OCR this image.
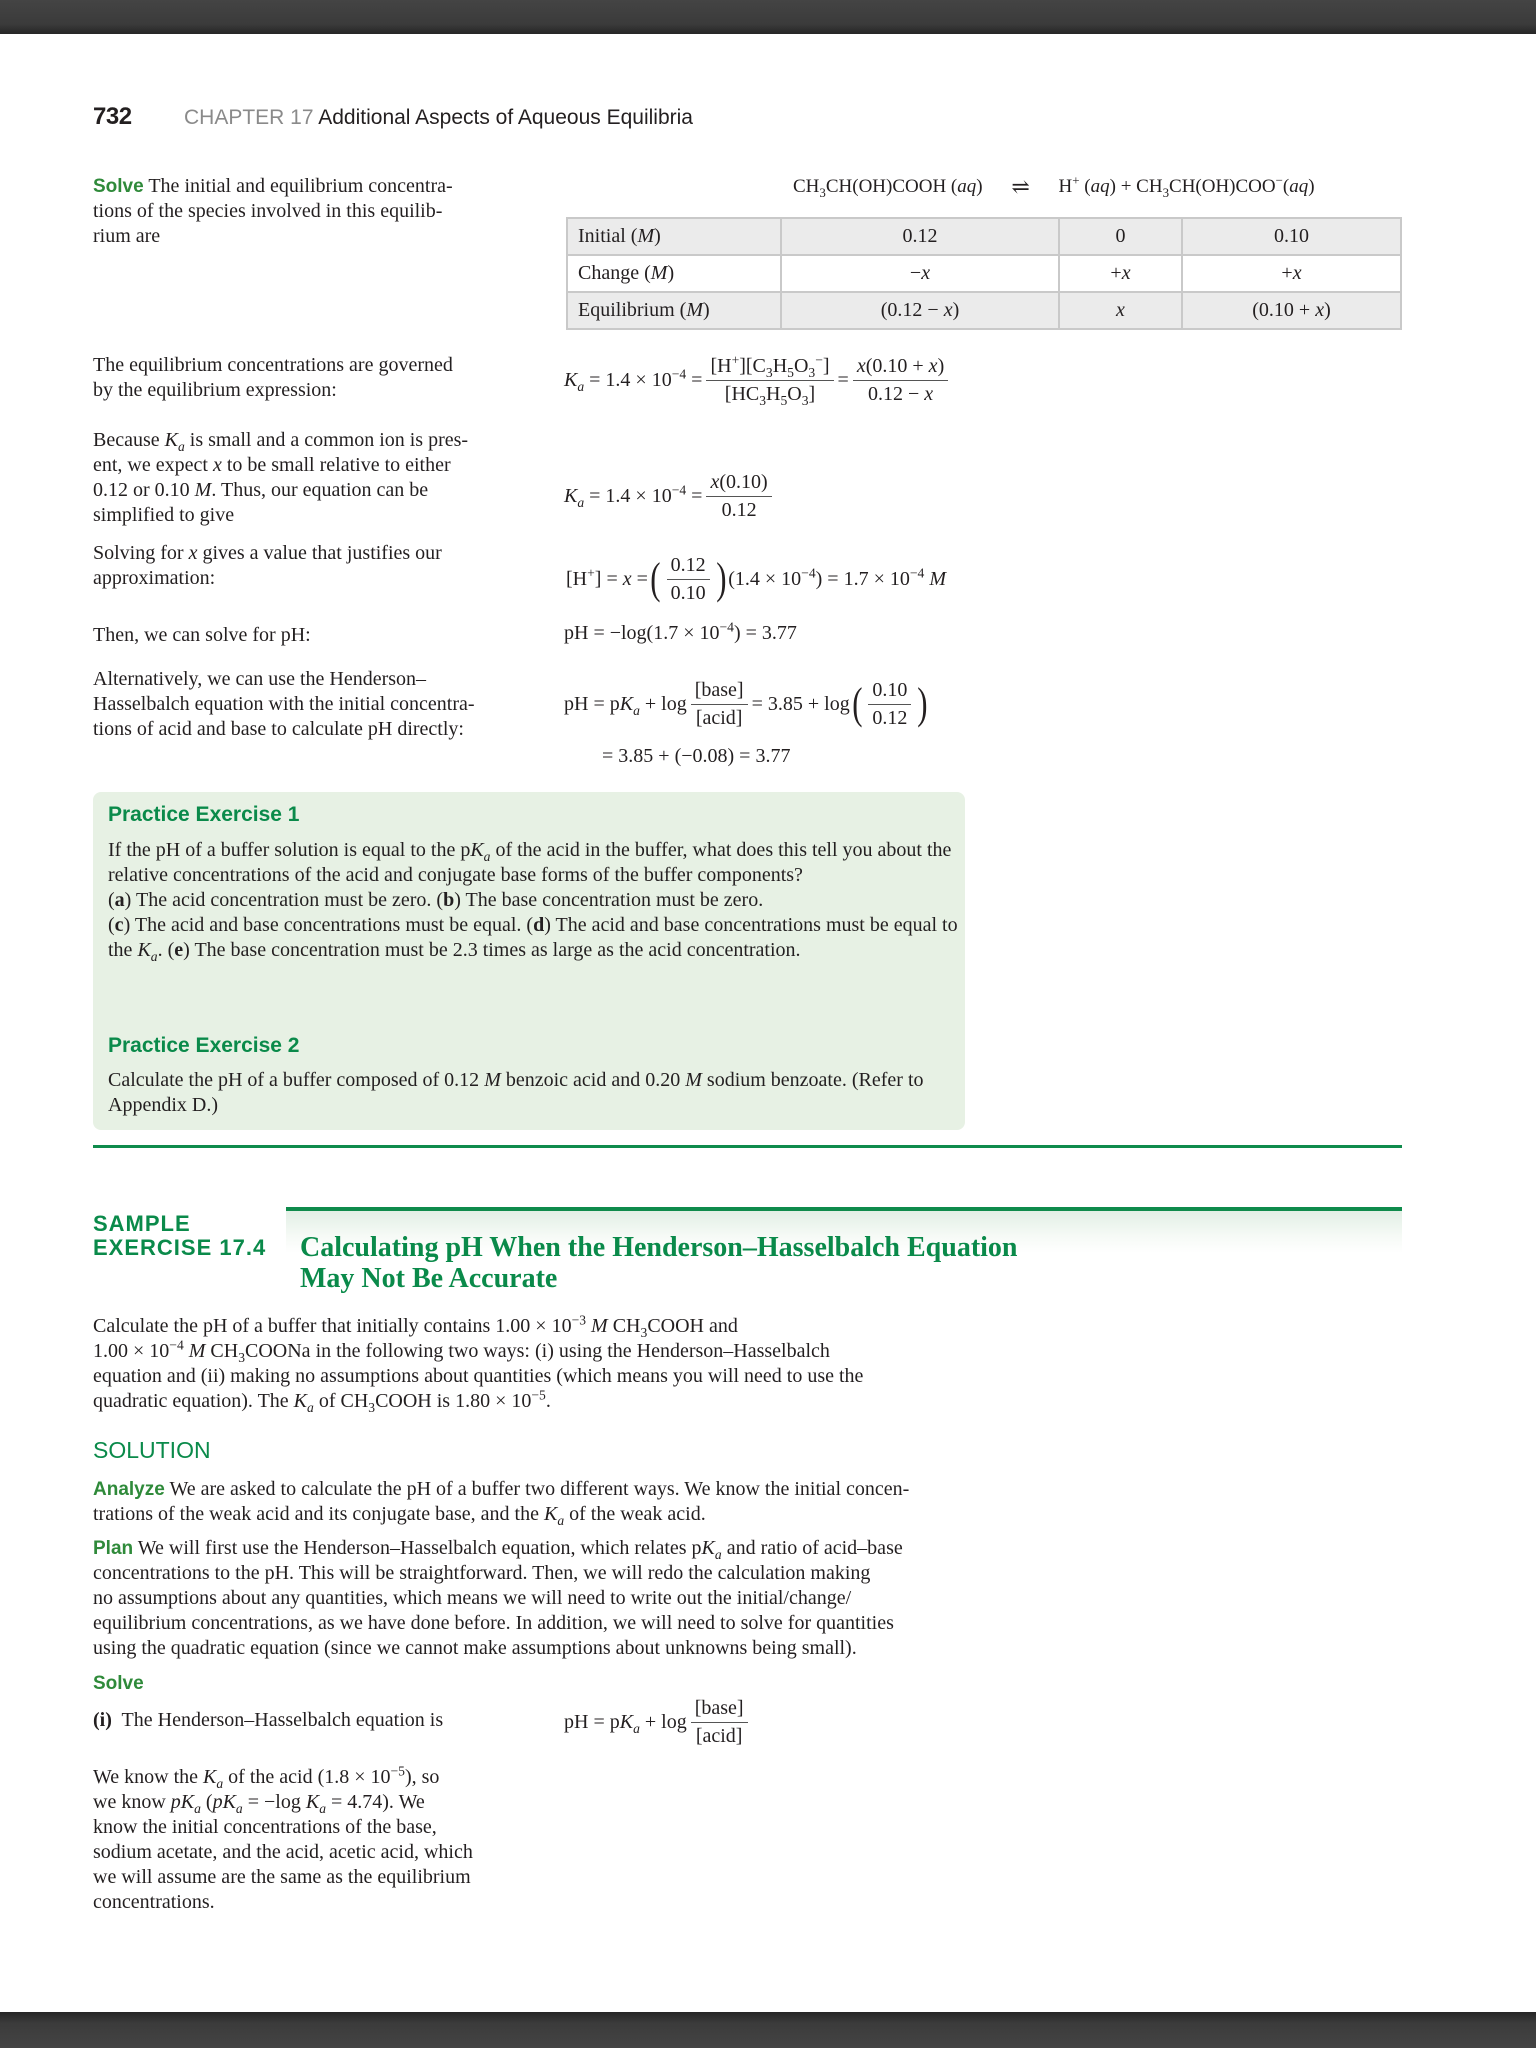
732 CHAPTER 17 Additional Aspects of Aqueous Equilibria
Solve The initial and equilibrium concentra-
tions of the species involved in this equilib-
rium are
$CH_3CH(OH)COOH$ (aq) ⇌ H+ $(aq) + CH_3CH(OH)COO^-(aq)$
Initial (M)	0.12	0	0.10
Change (M)	−x	+x	+x
Equilibrium (M)	(0.12 − x)	x	(0.10 + x)
The equilibrium concentrations are governed
by the equilibrium expression:	$K_a = 1.4 \times 10^{-4} = \frac{[H^+][C_3H_5O_3^-]}{[HC_3H_5O_3]} = \frac{x(0.10 + x)}{0.12 - x}$
Because $K_a$ is small and a common ion is pres-
ent, we expect x to be small relative to either
0.12 or 0.10 M. Thus, our equation can be
simplified to give
$K_a = 1.4 \times 10^{-4} = \frac{x(0.10)}{0.12}$
Solving for x gives a value that justifies our
approximation:	[H+] = x = ( $\frac{0.12}{0.10}$ ) $(1.4 \times 10^{-4}) = 1.7 \times 10^{-4}$ M
Then, we can solve for pH:	pH = $-\log(1.7 \times 10^{-4}) = 3.77$
Alternatively, we can use the Henderson–
Hasselbalch equation with the initial concentra-
tions of acid and base to calculate pH directly:
pH = $pK_a + \log \frac{\text{[base]}}{\text{[acid]}} = 3.85 + \log$ ( $\frac{0.10}{0.12}$ )
= 3.85 + (−0.08) = 3.77
Practice Exercise 1
If the pH of a buffer solution is equal to the $pK_a$ of the acid in the buffer, what does this tell you about the relative concentrations of the acid and conjugate base forms of the buffer components?
(a) The acid concentration must be zero. (b) The base concentration must be zero.
(c) The acid and base concentrations must be equal. (d) The acid and base concentrations must be equal to the $K_a$. (e) The base concentration must be 2.3 times as large as the acid concentration.
Practice Exercise 2
Calculate the pH of a buffer composed of 0.12 M benzoic acid and 0.20 M sodium benzoate. (Refer to Appendix D.)
SAMPLE
EXERCISE 17.4 Calculating pH When the Henderson–Hasselbalch Equation
May Not Be Accurate
Calculate the pH of a buffer that initially contains $1.00 \times 10^{-3}$ M $CH_3COOH$ and
$1.00 \times 10^{-4}$ M $CH_3COONa$ in the following two ways: (i) using the Henderson–Hasselbalch
equation and (ii) making no assumptions about quantities (which means you will need to use the
quadratic equation). The $K_a$ of $CH_3COOH$ is $1.80 \times 10^{-5}$.
SOLUTION
Analyze We are asked to calculate the pH of a buffer two different ways. We know the initial concen-
trations of the weak acid and its conjugate base, and the $K_a$ of the weak acid.
Plan We will first use the Henderson–Hasselbalch equation, which relates $pK_a$ and ratio of acid–base
concentrations to the pH. This will be straightforward. Then, we will redo the calculation making
no assumptions about any quantities, which means we will need to write out the initial/change/
equilibrium concentrations, as we have done before. In addition, we will need to solve for quantities
using the quadratic equation (since we cannot make assumptions about unknowns being small).
Solve
(i) The Henderson–Hasselbalch equation is	pH = $pK_a + \log \frac{\text{[base]}}{\text{[acid]}}$
We know the $K_a$ of the acid $(1.8 \times 10^{-5})$, so
we know $pK_a$ ($pK_a = -\log$ $K_a = 4.74$). We
know the initial concentrations of the base,
sodium acetate, and the acid, acetic acid, which
we will assume are the same as the equilibrium
concentrations.
